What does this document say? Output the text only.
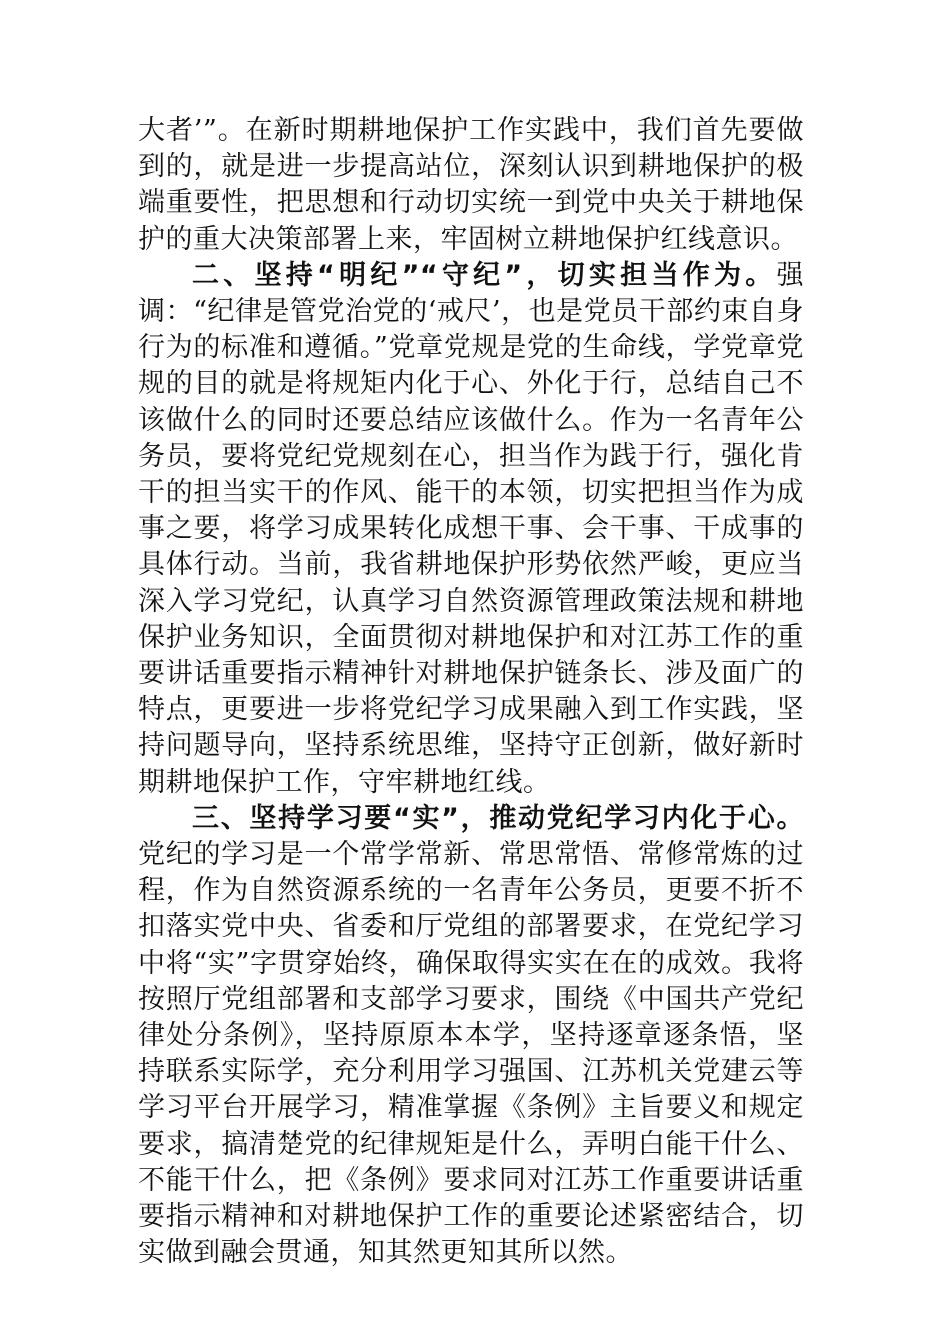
大者’”。在新时期耕地保护工作实践中，我们首先要做到的，就是进一步提高站位，深刻认识到耕地保护的极端重要性，把思想和行动切实统一到党中央关于耕地保护的重大决策部署上来，牢固树立耕地保护红线意识。

二、坚持“明纪”“守纪”，切实担当作为。强调：“纪律是管党治党的‘戒尺’，也是党员干部约束自身行为的标准和遵循。”党章党规是党的生命线，学党章党规的目的就是将规矩内化于心、外化于行，总结自己不该做什么的同时还要总结应该做什么。作为一名青年公务员，要将党纪党规刻在心，担当作为践于行，强化肯干的担当实干的作风、能干的本领，切实把担当作为成事之要，将学习成果转化成想干事、会干事、干成事的具体行动。当前，我省耕地保护形势依然严峻，更应当深入学习党纪，认真学习自然资源管理政策法规和耕地保护业务知识，全面贯彻对耕地保护和对江苏工作的重要讲话重要指示精神针对耕地保护链条长、涉及面广的特点，更要进一步将党纪学习成果融入到工作实践，坚持问题导向，坚持系统思维，坚持守正创新，做好新时期耕地保护工作，守牢耕地红线。

三、坚持学习要“实”，推动党纪学习内化于心。党纪的学习是一个常学常新、常思常悟、常修常炼的过程，作为自然资源系统的一名青年公务员，更要不折不扣落实党中央、省委和厅党组的部署要求，在党纪学习中将“实”字贯穿始终，确保取得实实在在的成效。我将按照厅党组部署和支部学习要求，围绕《中国共产党纪律处分条例》，坚持原原本本学，坚持逐章逐条悟，坚持联系实际学，充分利用学习强国、江苏机关党建云等学习平台开展学习，精准掌握《条例》主旨要义和规定要求，搞清楚党的纪律规矩是什么，弄明白能干什么、不能干什么，把《条例》要求同对江苏工作重要讲话重要指示精神和对耕地保护工作的重要论述紧密结合，切实做到融会贯通，知其然更知其所以然。
